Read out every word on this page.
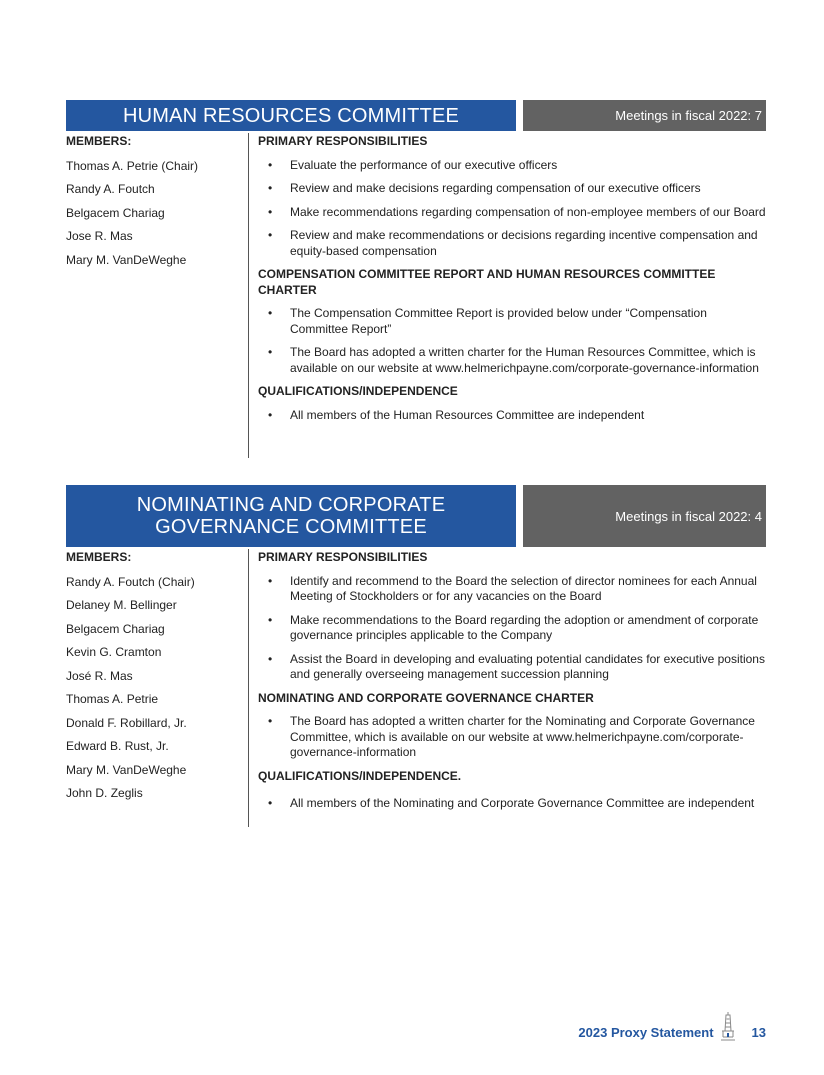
HUMAN RESOURCES COMMITTEE	Meetings in fiscal 2022: 7
MEMBERS:
Thomas A. Petrie (Chair)
Randy A. Foutch
Belgacem Chariag
Jose R. Mas
Mary M. VanDeWeghe
PRIMARY RESPONSIBILITIES
• Evaluate the performance of our executive officers
• Review and make decisions regarding compensation of our executive officers
• Make recommendations regarding compensation of non-employee members of our Board
• Review and make recommendations or decisions regarding incentive compensation and equity-based compensation
COMPENSATION COMMITTEE REPORT AND HUMAN RESOURCES COMMITTEE CHARTER
• The Compensation Committee Report is provided below under “Compensation Committee Report”
• The Board has adopted a written charter for the Human Resources Committee, which is available on our website at www.helmerichpayne.com/corporate-governance-information
QUALIFICATIONS/INDEPENDENCE
• All members of the Human Resources Committee are independent
NOMINATING AND CORPORATE
GOVERNANCE COMMITTEE	Meetings in fiscal 2022: 4
MEMBERS:
Randy A. Foutch (Chair)
Delaney M. Bellinger
Belgacem Chariag
Kevin G. Cramton
José R. Mas
Thomas A. Petrie
Donald F. Robillard, Jr.
Edward B. Rust, Jr.
Mary M. VanDeWeghe
John D. Zeglis
PRIMARY RESPONSIBILITIES
• Identify and recommend to the Board the selection of director nominees for each Annual Meeting of Stockholders or for any vacancies on the Board
• Make recommendations to the Board regarding the adoption or amendment of corporate governance principles applicable to the Company
• Assist the Board in developing and evaluating potential candidates for executive positions and generally overseeing management succession planning
NOMINATING AND CORPORATE GOVERNANCE CHARTER
• The Board has adopted a written charter for the Nominating and Corporate Governance Committee, which is available on our website at www.helmerichpayne.com/corporate-governance-information
QUALIFICATIONS/INDEPENDENCE.
• All members of the Nominating and Corporate Governance Committee are independent
2023 Proxy Statement	13
